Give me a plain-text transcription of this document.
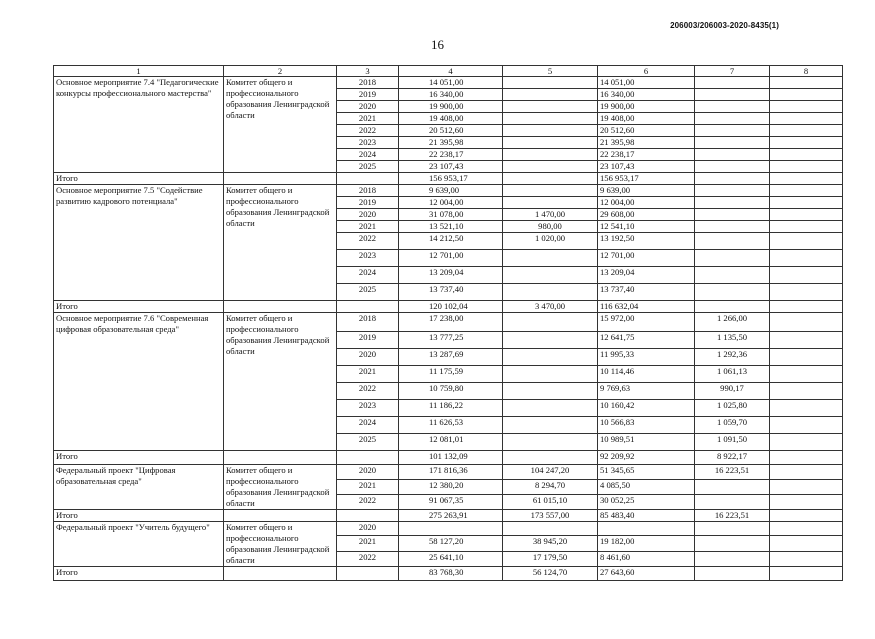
206003/206003-2020-8435(1)
16
1	2	3	4	5	6	7	8
Основное мероприятие 7.4 "Педагогические конкурсы профессионального мастерства"	Комитет общего и профессионального образования Ленинградской области	2018	14 051,00		14 051,00		
		2019	16 340,00		16 340,00		
		2020	19 900,00		19 900,00		
		2021	19 408,00		19 408,00		
		2022	20 512,60		20 512,60		
		2023	21 395,98		21 395,98		
		2024	22 238,17		22 238,17		
		2025	23 107,43		23 107,43		
Итого			156 953,17		156 953,17		
Основное мероприятие 7.5 "Содействие развитию кадрового потенциала"	Комитет общего и профессионального образования Ленинградской области	2018	9 639,00		9 639,00		
		2019	12 004,00		12 004,00		
		2020	31 078,00	1 470,00	29 608,00		
		2021	13 521,10	980,00	12 541,10		
		2022	14 212,50	1 020,00	13 192,50		
		2023	12 701,00		12 701,00		
		2024	13 209,04		13 209,04		
		2025	13 737,40		13 737,40		
Итого			120 102,04	3 470,00	116 632,04		
Основное мероприятие 7.6 "Современная цифровая образовательная среда"	Комитет общего и профессионального образования Ленинградской области	2018	17 238,00		15 972,00	1 266,00	
		2019	13 777,25		12 641,75	1 135,50	
		2020	13 287,69		11 995,33	1 292,36	
		2021	11 175,59		10 114,46	1 061,13	
		2022	10 759,80		9 769,63	990,17	
		2023	11 186,22		10 160,42	1 025,80	
		2024	11 626,53		10 566,83	1 059,70	
		2025	12 081,01		10 989,51	1 091,50	
Итого			101 132,09		92 209,92	8 922,17	
Федеральный проект "Цифровая образовательная среда"	Комитет общего и профессионального образования Ленинградской области	2020	171 816,36	104 247,20	51 345,65	16 223,51	
		2021	12 380,20	8 294,70	4 085,50		
		2022	91 067,35	61 015,10	30 052,25		
Итого			275 263,91	173 557,00	85 483,40	16 223,51	
Федеральный проект "Учитель будущего"	Комитет общего и профессионального образования Ленинградской области	2020					
		2021	58 127,20	38 945,20	19 182,00		
		2022	25 641,10	17 179,50	8 461,60		
Итого			83 768,30	56 124,70	27 643,60		
